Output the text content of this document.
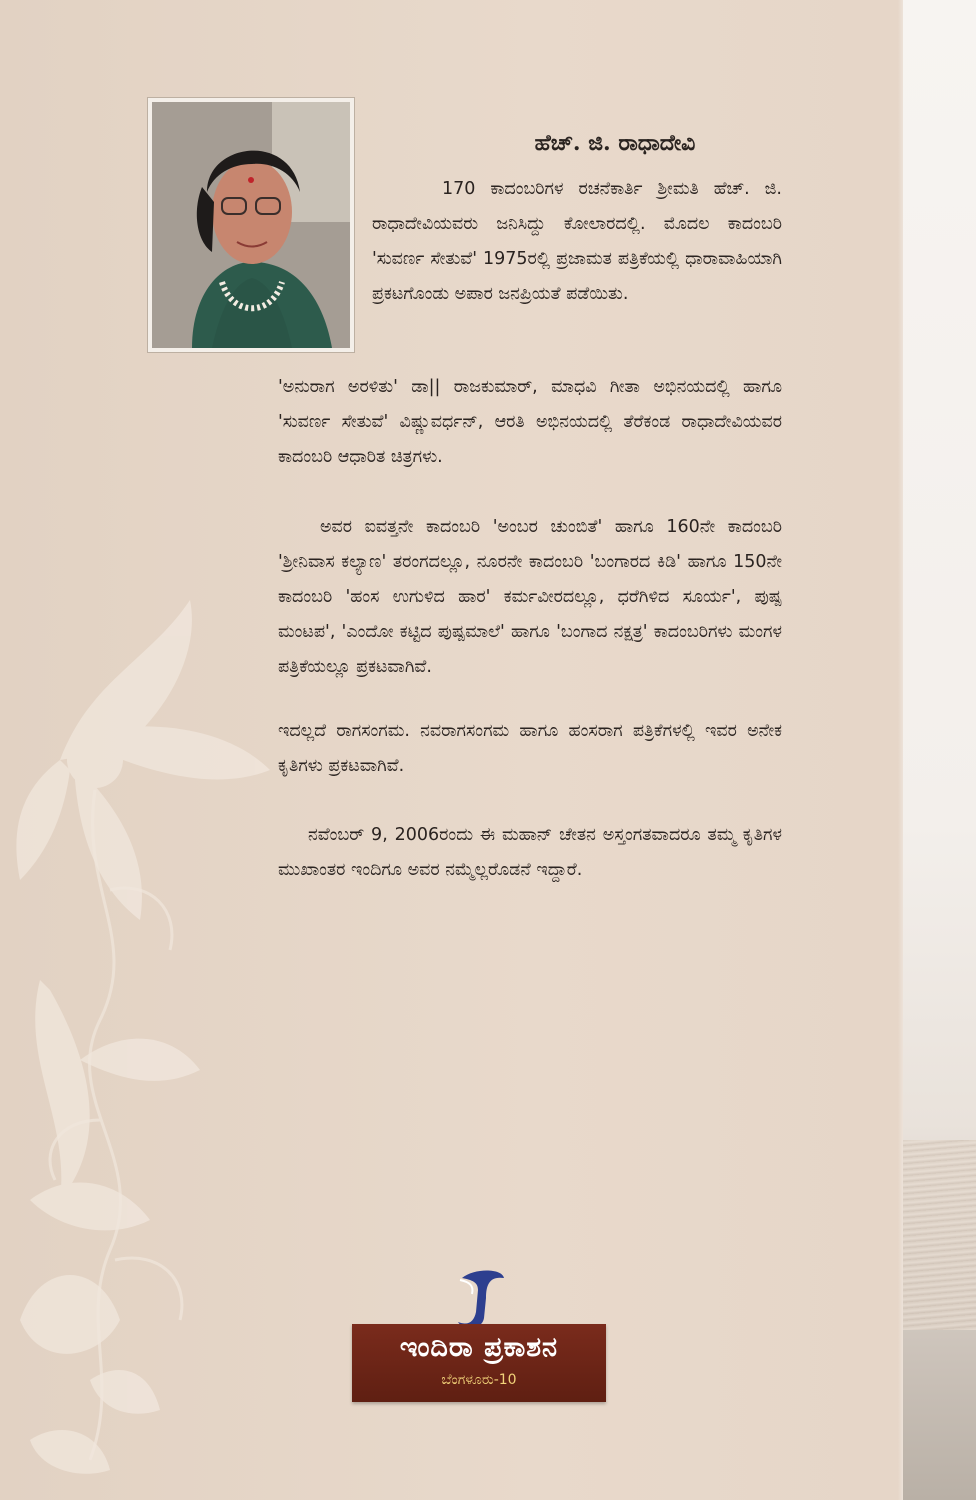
ಹೆಚ್. ಜಿ. ರಾಧಾದೇವಿ
170 ಕಾದಂಬರಿಗಳ ರಚನೆಕಾರ್ತಿ ಶ್ರೀಮತಿ ಹೆಚ್. ಜಿ. ರಾಧಾದೇವಿಯವರು ಜನಿಸಿದ್ದು ಕೋಲಾರದಲ್ಲಿ. ಮೊದಲ ಕಾದಂಬರಿ 'ಸುವರ್ಣ ಸೇತುವೆ' 1975ರಲ್ಲಿ ಪ್ರಜಾಮತ ಪತ್ರಿಕೆಯಲ್ಲಿ ಧಾರಾವಾಹಿಯಾಗಿ ಪ್ರಕಟಗೊಂಡು ಅಪಾರ ಜನಪ್ರಿಯತೆ ಪಡೆಯಿತು.
'ಅನುರಾಗ ಅರಳಿತು' ಡಾ|| ರಾಜಕುಮಾರ್, ಮಾಧವಿ ಗೀತಾ ಅಭಿನಯದಲ್ಲಿ ಹಾಗೂ 'ಸುವರ್ಣ ಸೇತುವೆ' ವಿಷ್ಣುವರ್ಧನ್, ಆರತಿ ಅಭಿನಯದಲ್ಲಿ ತೆರೆಕಂಡ ರಾಧಾದೇವಿಯವರ ಕಾದಂಬರಿ ಆಧಾರಿತ ಚಿತ್ರಗಳು.
ಅವರ ಐವತ್ತನೇ ಕಾದಂಬರಿ 'ಅಂಬರ ಚುಂಬಿತೆ' ಹಾಗೂ 160ನೇ ಕಾದಂಬರಿ 'ಶ್ರೀನಿವಾಸ ಕಲ್ಯಾಣ' ತರಂಗದಲ್ಲೂ, ನೂರನೇ ಕಾದಂಬರಿ 'ಬಂಗಾರದ ಕಿಡಿ' ಹಾಗೂ 150ನೇ ಕಾದಂಬರಿ 'ಹಂಸ ಉಗುಳಿದ ಹಾರ' ಕರ್ಮವೀರದಲ್ಲೂ, ಧರೆಗಿಳಿದ ಸೂರ್ಯ', ಪುಷ್ಪ ಮಂಟಪ', 'ಎಂದೋ ಕಟ್ಟಿದ ಪುಷ್ಪಮಾಲೆ' ಹಾಗೂ 'ಬಂಗಾದ ನಕ್ಷತ್ರ' ಕಾದಂಬರಿಗಳು ಮಂಗಳ ಪತ್ರಿಕೆಯಲ್ಲೂ ಪ್ರಕಟವಾಗಿವೆ.
ಇದಲ್ಲದೆ ರಾಗಸಂಗಮ. ನವರಾಗಸಂಗಮ ಹಾಗೂ ಹಂಸರಾಗ ಪತ್ರಿಕೆಗಳಲ್ಲಿ ಇವರ ಅನೇಕ ಕೃತಿಗಳು ಪ್ರಕಟವಾಗಿವೆ.
ನವೆಂಬರ್ 9, 2006ರಂದು ಈ ಮಹಾನ್ ಚೇತನ ಅಸ್ತಂಗತವಾದರೂ ತಮ್ಮ ಕೃತಿಗಳ ಮುಖಾಂತರ ಇಂದಿಗೂ ಅವರ ನಮ್ಮೆಲ್ಲರೊಡನೆ ಇದ್ದಾರೆ.
ಇಂದಿರಾ ಪ್ರಕಾಶನ
ಬೆಂಗಳೂರು-10
